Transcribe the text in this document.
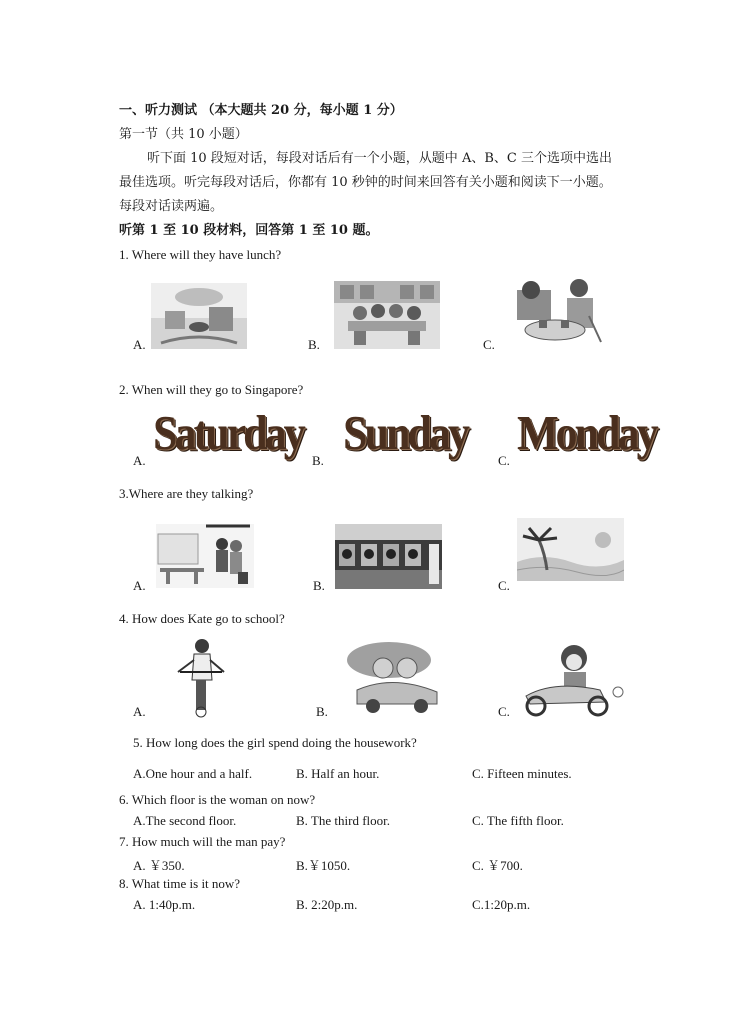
一、听力测试 （本大题共 20 分，每小题 1 分）
第一节（共 10 小题）
听下面 10 段短对话，每段对话后有一个小题，从题中 A、B、C 三个选项中选出
最佳选项。听完每段对话后，你都有 10 秒钟的时间来回答有关小题和阅读下一小题。
每段对话读两遍。
听第 1 至 10 段材料，回答第 1 至 10 题。
1. Where will they have lunch?
A.	B.	C.
2. When will they go to Singapore?
A.
Saturday
B.
Sunday
C.
Monday
3.Where are they talking?
A.	B.	C.
4. How does Kate go to school?
A.	B.	C.
5. How long does the girl spend doing the housework?
A.One hour and a half.	B. Half an hour.	C. Fifteen minutes.
6. Which floor is the woman on now?
A.The second floor.	B. The third floor.	C. The fifth floor.
7. How much will the man pay?
A. ￥350.	B.￥1050.	C. ￥700.
8. What time is it now?
A. 1:40p.m.	B. 2:20p.m.	C.1:20p.m.
